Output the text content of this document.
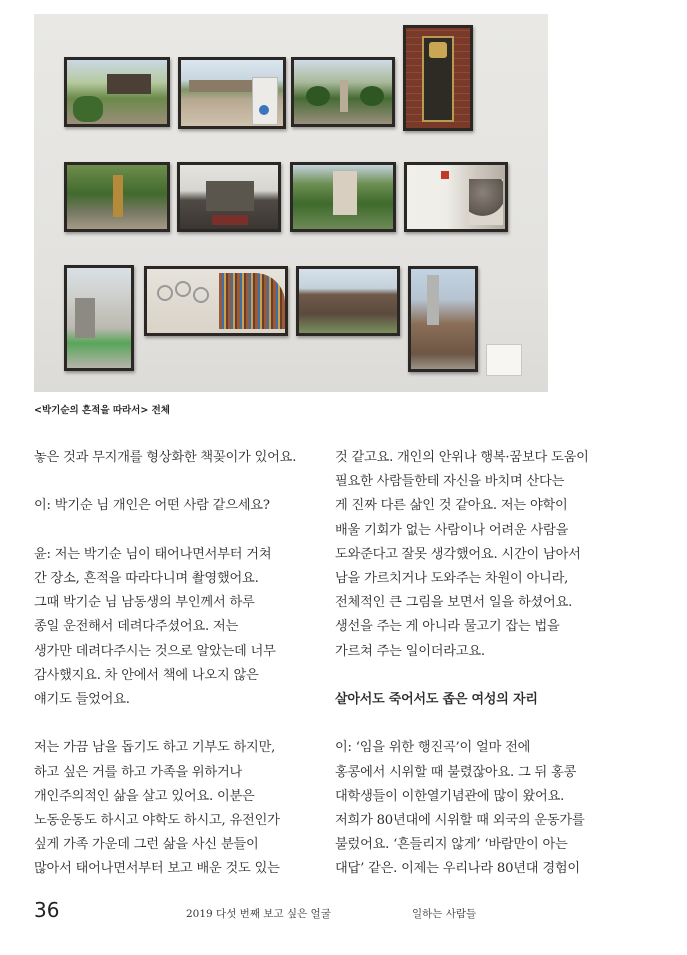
<박기순의 흔적을 따라서> 전체

놓은 것과 무지개를 형상화한 책꽂이가 있어요.

이: 박기순 님 개인은 어떤 사람 같으세요?

윤: 저는 박기순 님이 태어나면서부터 거쳐

간 장소, 흔적을 따라다니며 촬영했어요.

그때 박기순 님 남동생의 부인께서 하루

종일 운전해서 데려다주셨어요. 저는

생가만 데려다주시는 것으로 알았는데 너무

감사했지요. 차 안에서 책에 나오지 않은

얘기도 들었어요.

저는 가끔 남을 돕기도 하고 기부도 하지만,

하고 싶은 거를 하고 가족을 위하거나

개인주의적인 삶을 살고 있어요. 이분은

노동운동도 하시고 야학도 하시고, 유전인가

싶게 가족 가운데 그런 삶을 사신 분들이

많아서 태어나면서부터 보고 배운 것도 있는

것 같고요. 개인의 안위나 행복·꿈보다 도움이

필요한 사람들한테 자신을 바치며 산다는

게 진짜 다른 삶인 것 같아요. 저는 야학이

배울 기회가 없는 사람이나 어려운 사람을

도와준다고 잘못 생각했어요. 시간이 남아서

남을 가르치거나 도와주는 차원이 아니라,

전체적인 큰 그림을 보면서 일을 하셨어요.

생선을 주는 게 아니라 물고기 잡는 법을

가르쳐 주는 일이더라고요.

살아서도 죽어서도 좁은 여성의 자리

이: ‘임을 위한 행진곡’이 얼마 전에

홍콩에서 시위할 때 불렸잖아요. 그 뒤 홍콩

대학생들이 이한열기념관에 많이 왔어요.

저희가 80년대에 시위할 때 외국의 운동가를

불렀어요. ‘흔들리지 않게’ ‘바람만이 아는

대답’ 같은. 이제는 우리나라 80년대 경험이

36	2019 다섯 번째 보고 싶은 얼굴	일하는 사람들
